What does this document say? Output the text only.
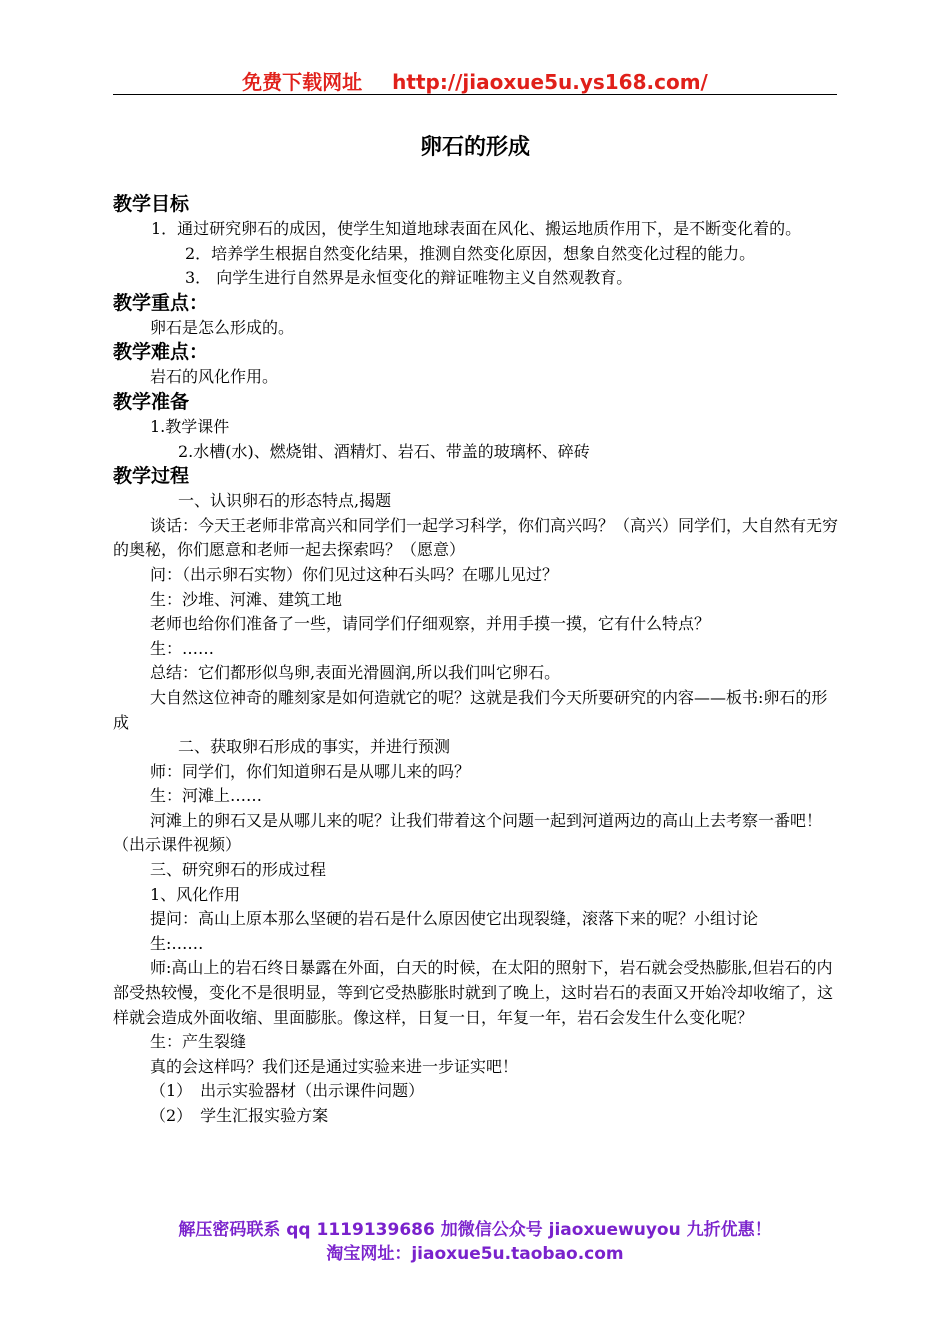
免费下载网址 http://jiaoxue5u.ys168.com/
卵石的形成

教学目标

1．通过研究卵石的成因，使学生知道地球表面在风化、搬运地质作用下，是不断变化着的。

2．培养学生根据自然变化结果，推测自然变化原因，想象自然变化过程的能力。

3． 向学生进行自然界是永恒变化的辩证唯物主义自然观教育。

教学重点：

卵石是怎么形成的。

教学难点：

岩石的风化作用。

教学准备

1.教学课件

2.水槽(水)、燃烧钳、酒精灯、岩石、带盖的玻璃杯、碎砖

教学过程

一、认识卵石的形态特点,揭题

谈话：今天王老师非常高兴和同学们一起学习科学，你们高兴吗？（高兴）同学们，大自然有无穷的奥秘，你们愿意和老师一起去探索吗？（愿意）

问：（出示卵石实物）你们见过这种石头吗？在哪儿见过？

生：沙堆、河滩、建筑工地

老师也给你们准备了一些，请同学们仔细观察，并用手摸一摸，它有什么特点？

生：……

总结：它们都形似鸟卵,表面光滑圆润,所以我们叫它卵石。

大自然这位神奇的雕刻家是如何造就它的呢？这就是我们今天所要研究的内容——板书:卵石的形成

二、获取卵石形成的事实，并进行预测

师：同学们，你们知道卵石是从哪儿来的吗？

生：河滩上……

河滩上的卵石又是从哪儿来的呢？让我们带着这个问题一起到河道两边的高山上去考察一番吧！（出示课件视频）

三、研究卵石的形成过程

1、风化作用

提问：高山上原本那么坚硬的岩石是什么原因使它出现裂缝，滚落下来的呢？小组讨论

生:……

师:高山上的岩石终日暴露在外面，白天的时候，在太阳的照射下，岩石就会受热膨胀,但岩石的内部受热较慢，变化不是很明显，等到它受热膨胀时就到了晚上，这时岩石的表面又开始冷却收缩了，这样就会造成外面收缩、里面膨胀。像这样，日复一日，年复一年，岩石会发生什么变化呢？

生：产生裂缝

真的会这样吗？我们还是通过实验来进一步证实吧！

（1）　出示实验器材（出示课件问题）

（2）　学生汇报实验方案

解压密码联系 qq 1119139686 加微信公众号 jiaoxuewuyou 九折优惠！
淘宝网址：jiaoxue5u.taobao.com
